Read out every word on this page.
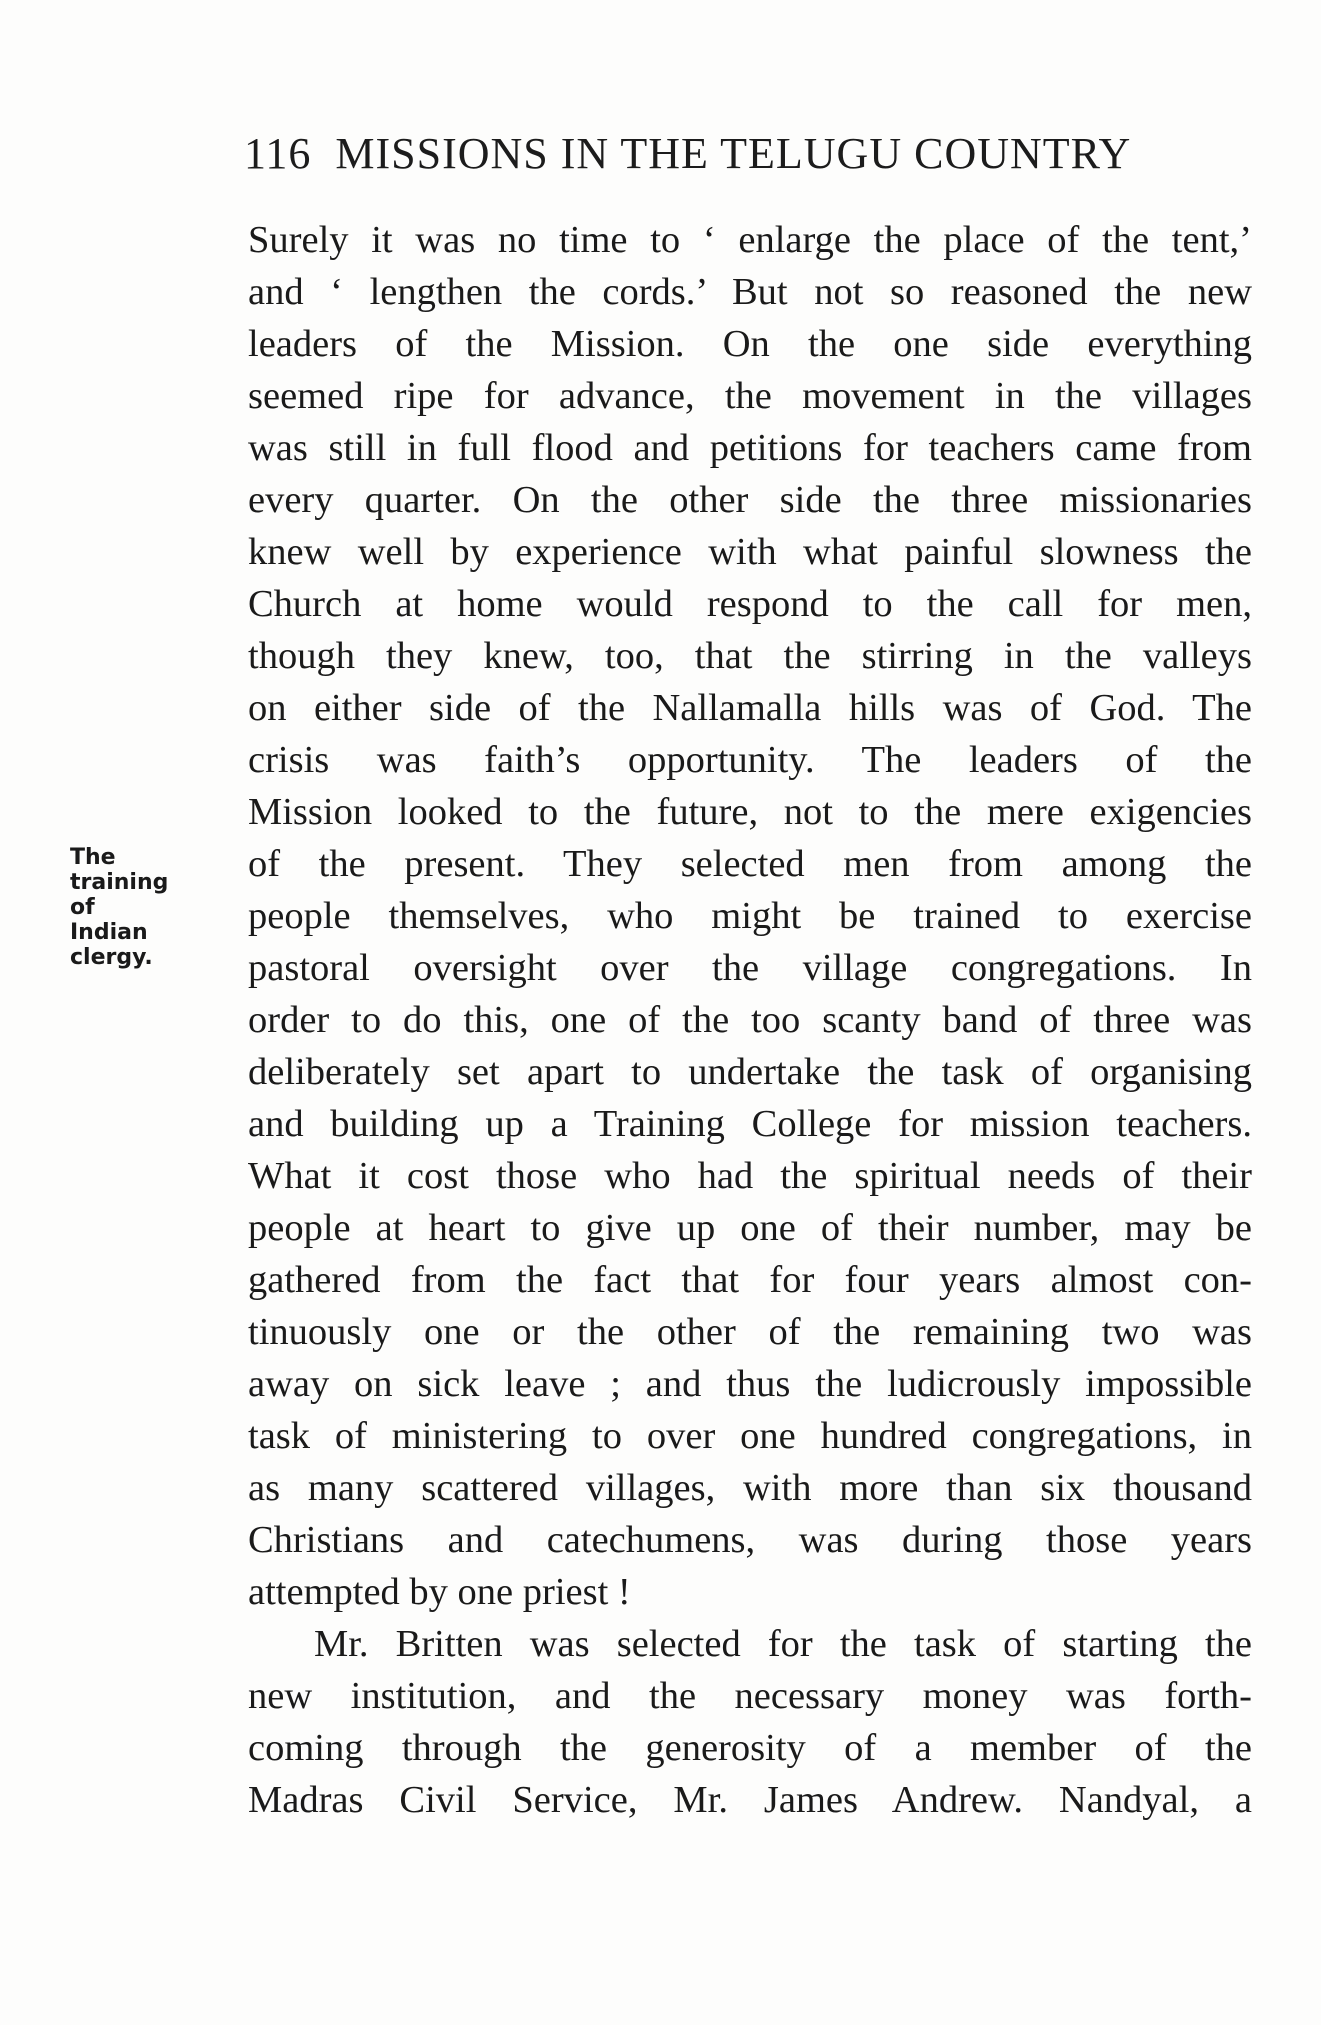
116 MISSIONS IN THE TELUGU COUNTRY
The
training
of
Indian
clergy.
Surely it was no time to ‘ enlarge the place of the tent,’
and ‘ lengthen the cords.’ But not so reasoned the new
leaders of the Mission. On the one side everything
seemed ripe for advance, the movement in the villages
was still in full flood and petitions for teachers came from
every quarter. On the other side the three missionaries
knew well by experience with what painful slowness the
Church at home would respond to the call for men,
though they knew, too, that the stirring in the valleys
on either side of the Nallamalla hills was of God. The
crisis was faith’s opportunity. The leaders of the
Mission looked to the future, not to the mere exigencies
of the present. They selected men from among the
people themselves, who might be trained to exercise
pastoral oversight over the village congregations. In
order to do this, one of the too scanty band of three was
deliberately set apart to undertake the task of organising
and building up a Training College for mission teachers.
What it cost those who had the spiritual needs of their
people at heart to give up one of their number, may be
gathered from the fact that for four years almost con-
tinuously one or the other of the remaining two was
away on sick leave ; and thus the ludicrously impossible
task of ministering to over one hundred congregations, in
as many scattered villages, with more than six thousand
Christians and catechumens, was during those years
attempted by one priest !
Mr. Britten was selected for the task of starting the
new institution, and the necessary money was forth-
coming through the generosity of a member of the
Madras Civil Service, Mr. James Andrew. Nandyal, a
